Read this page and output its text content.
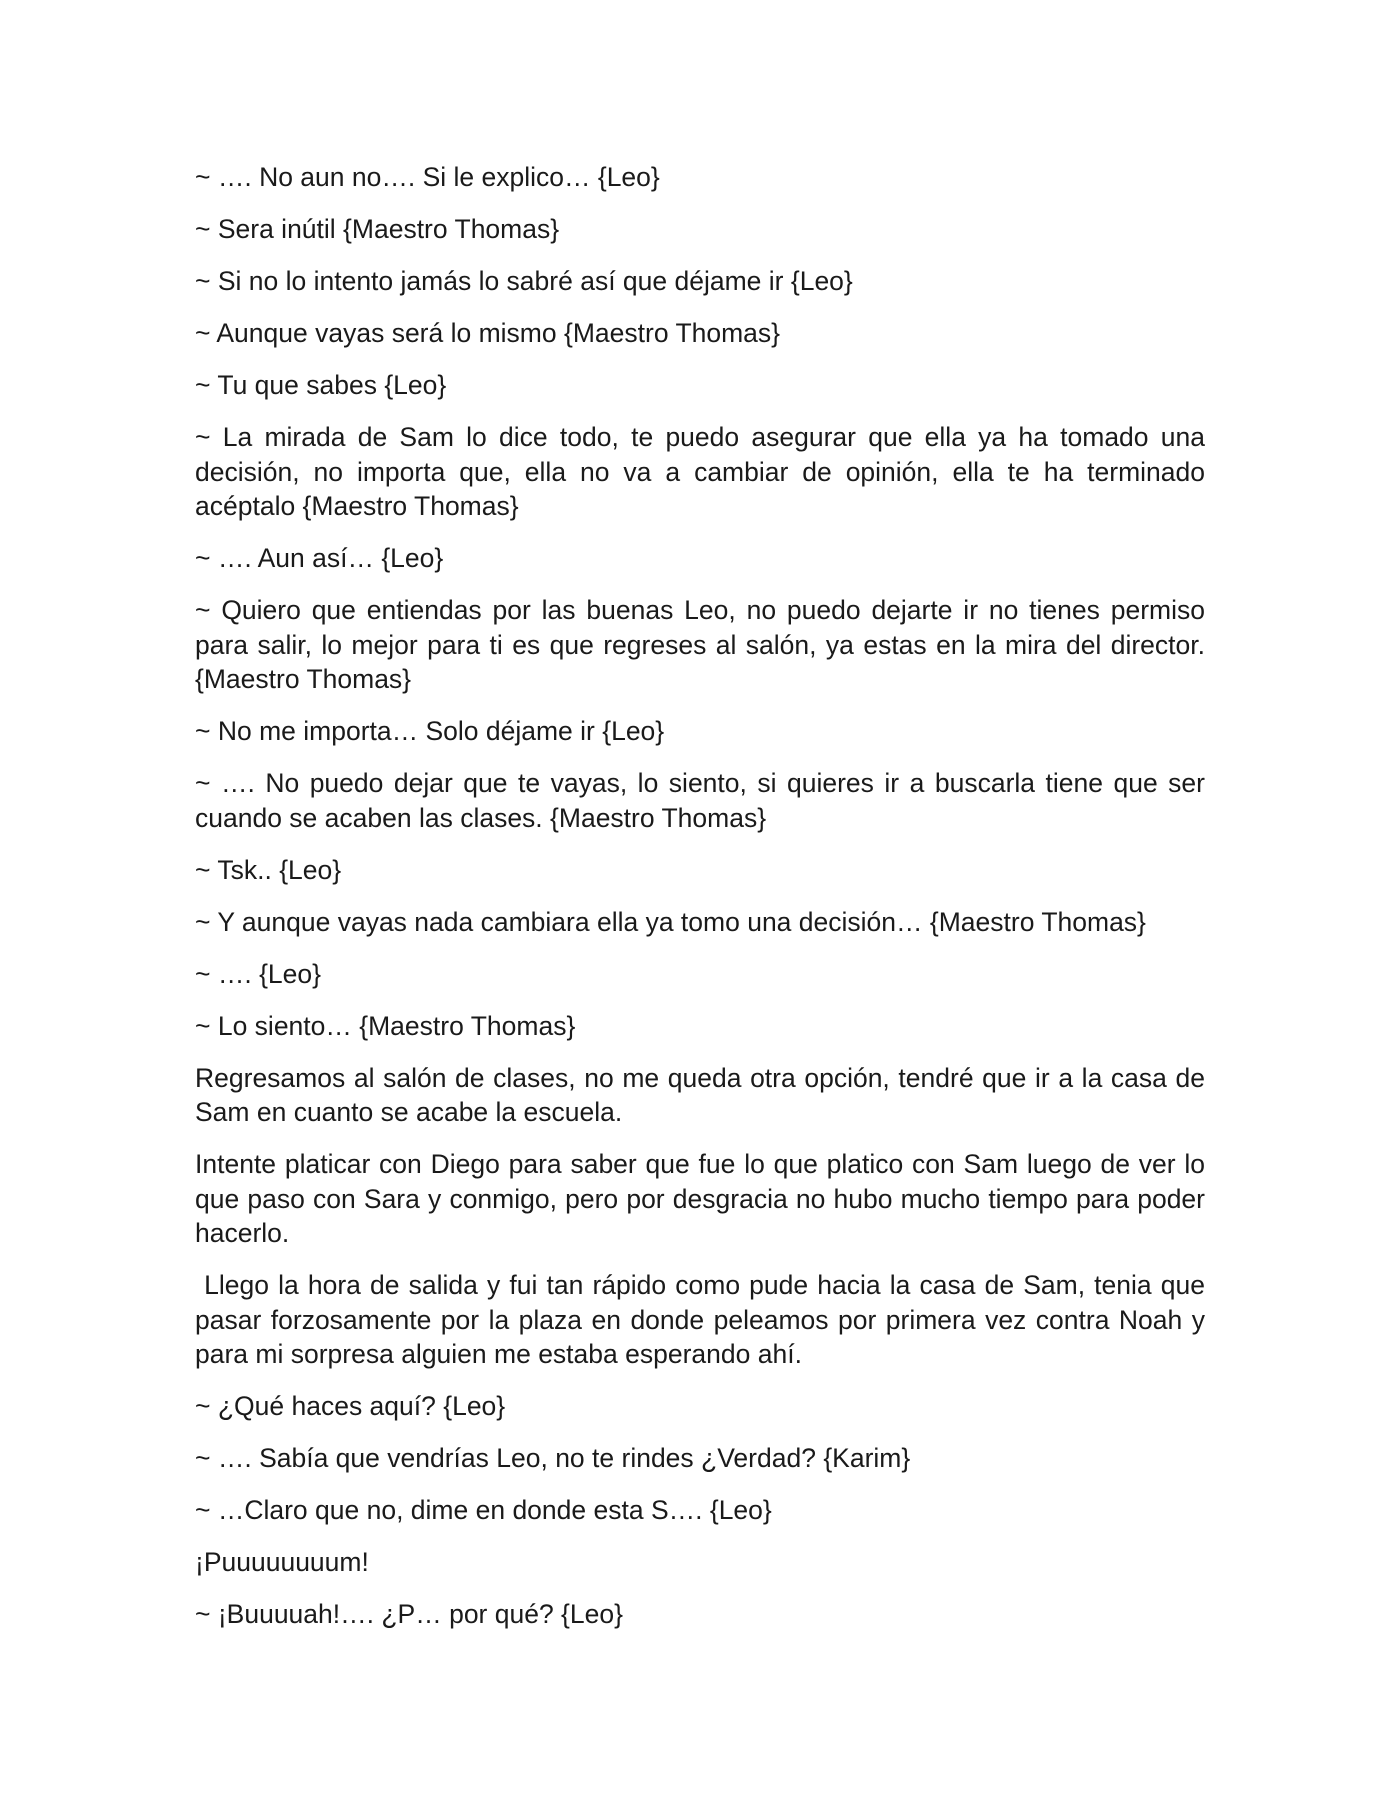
~ …. No aun no…. Si le explico… {Leo}

~ Sera inútil {Maestro Thomas}

~ Si no lo intento jamás lo sabré así que déjame ir {Leo}

~ Aunque vayas será lo mismo {Maestro Thomas}

~ Tu que sabes {Leo}

~ La mirada de Sam lo dice todo, te puedo asegurar que ella ya ha tomado una decisión, no importa que, ella no va a cambiar de opinión, ella te ha terminado acéptalo {Maestro Thomas}

~ …. Aun así… {Leo}

~ Quiero que entiendas por las buenas Leo, no puedo dejarte ir no tienes permiso para salir, lo mejor para ti es que regreses al salón, ya estas en la mira del director. {Maestro Thomas}

~ No me importa… Solo déjame ir {Leo}

~ …. No puedo dejar que te vayas, lo siento, si quieres ir a buscarla tiene que ser cuando se acaben las clases. {Maestro Thomas}

~ Tsk.. {Leo}

~ Y aunque vayas nada cambiara ella ya tomo una decisión… {Maestro Thomas}

~ …. {Leo}

~ Lo siento… {Maestro Thomas}

Regresamos al salón de clases, no me queda otra opción, tendré que ir a la casa de Sam en cuanto se acabe la escuela.

Intente platicar con Diego para saber que fue lo que platico con Sam luego de ver lo que paso con Sara y conmigo, pero por desgracia no hubo mucho tiempo para poder hacerlo.

Llego la hora de salida y fui tan rápido como pude hacia la casa de Sam, tenia que pasar forzosamente por la plaza en donde peleamos por primera vez contra Noah y para mi sorpresa alguien me estaba esperando ahí.

~ ¿Qué haces aquí? {Leo}

~ …. Sabía que vendrías Leo, no te rindes ¿Verdad? {Karim}

~ …Claro que no, dime en donde esta S…. {Leo}

¡Puuuuuuuum!

~ ¡Buuuuah!…. ¿P… por qué? {Leo}
